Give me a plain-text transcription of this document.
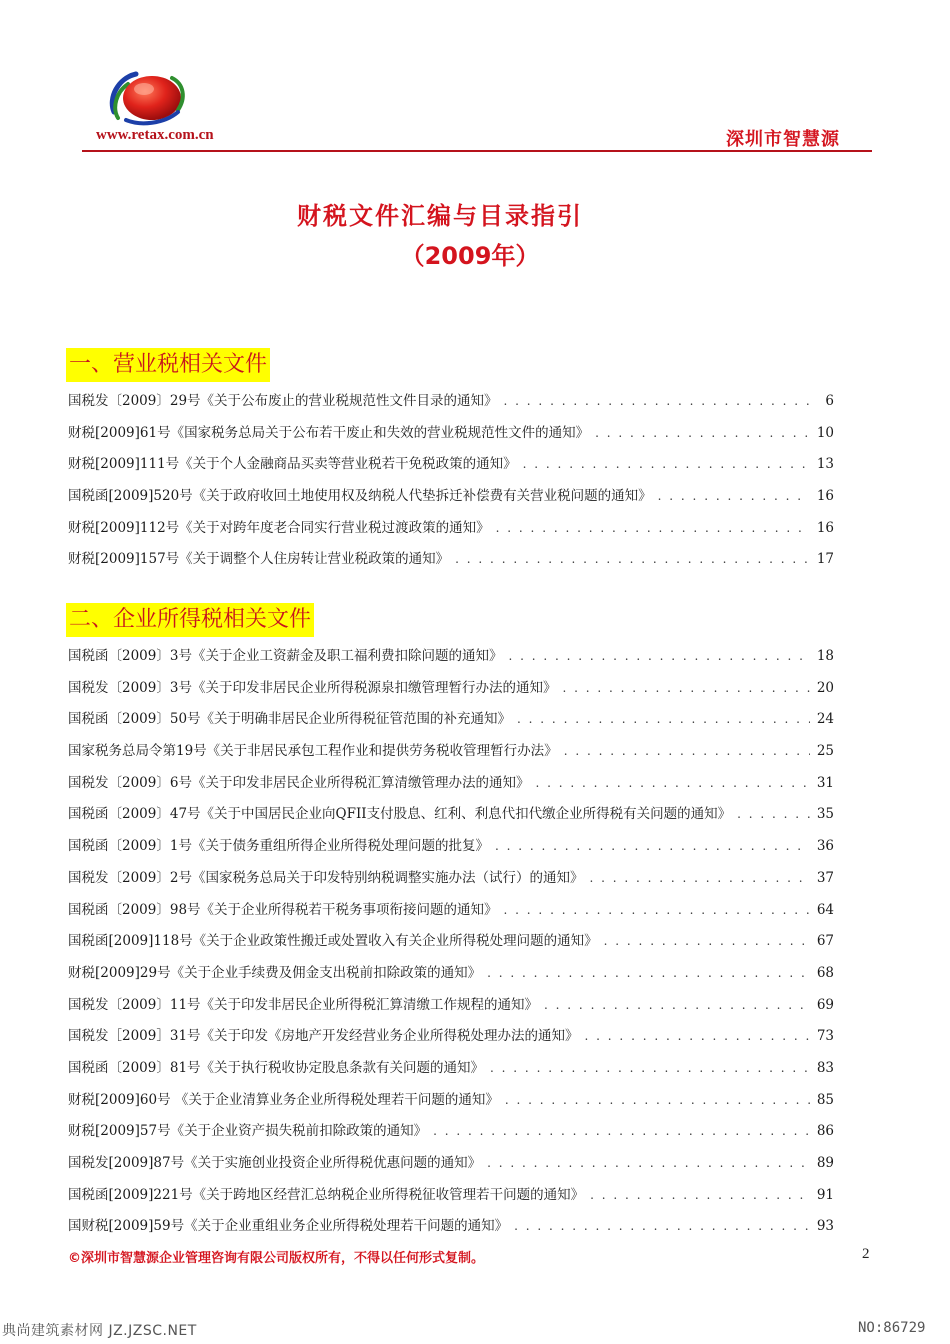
www.retax.com.cn	深圳市智慧源
财税文件汇编与目录指引
（2009年）
一、营业税相关文件
国税发〔2009〕29号《关于公布废止的营业税规范性文件目录的通知》 . . .	6
财税[2009]61号《国家税务总局关于公布若干废止和失效的营业税规范性文件的通知》 . . .	10
财税[2009]111号《关于个人金融商品买卖等营业税若干免税政策的通知》 . . .	13
国税函[2009]520号《关于政府收回土地使用权及纳税人代垫拆迁补偿费有关营业税问题的通知》 . . .	16
财税[2009]112号《关于对跨年度老合同实行营业税过渡政策的通知》 . . .	16
财税[2009]157号《关于调整个人住房转让营业税政策的通知》 . . .	17
二、企业所得税相关文件
国税函〔2009〕3号《关于企业工资薪金及职工福利费扣除问题的通知》 . . .	18
国税发〔2009〕3号《关于印发非居民企业所得税源泉扣缴管理暂行办法的通知》 . . .	20
国税函〔2009〕50号《关于明确非居民企业所得税征管范围的补充通知》 . . .	24
国家税务总局令第19号《关于非居民承包工程作业和提供劳务税收管理暂行办法》 . . .	25
国税发〔2009〕6号《关于印发非居民企业所得税汇算清缴管理办法的通知》 . . .	31
国税函〔2009〕47号《关于中国居民企业向QFII支付股息、红利、利息代扣代缴企业所得税有关问题的通知》 . . .	35
国税函〔2009〕1号《关于债务重组所得企业所得税处理问题的批复》 . . .	36
国税发〔2009〕2号《国家税务总局关于印发特别纳税调整实施办法（试行）的通知》 . . .	37
国税函〔2009〕98号《关于企业所得税若干税务事项衔接问题的通知》 . . .	64
国税函[2009]118号《关于企业政策性搬迁或处置收入有关企业所得税处理问题的通知》 . . .	67
财税[2009]29号《关于企业手续费及佣金支出税前扣除政策的通知》 . . .	68
国税发〔2009〕11号《关于印发非居民企业所得税汇算清缴工作规程的通知》 . . .	69
国税发［2009］31号《关于印发《房地产开发经营业务企业所得税处理办法的通知》 . . .	73
国税函〔2009〕81号《关于执行税收协定股息条款有关问题的通知》 . . .	83
财税[2009]60号 《关于企业清算业务企业所得税处理若干问题的通知》 . . .	85
财税[2009]57号《关于企业资产损失税前扣除政策的通知》 . . .	86
国税发[2009]87号《关于实施创业投资企业所得税优惠问题的通知》 . . .	89
国税函[2009]221号《关于跨地区经营汇总纳税企业所得税征收管理若干问题的通知》 . . .	91
国财税[2009]59号《关于企业重组业务企业所得税处理若干问题的通知》 . . .	93
©深圳市智慧源企业管理咨询有限公司版权所有，不得以任何形式复制。	2
典尚建筑素材网 JZ.JZSC.NET	NO:86729
